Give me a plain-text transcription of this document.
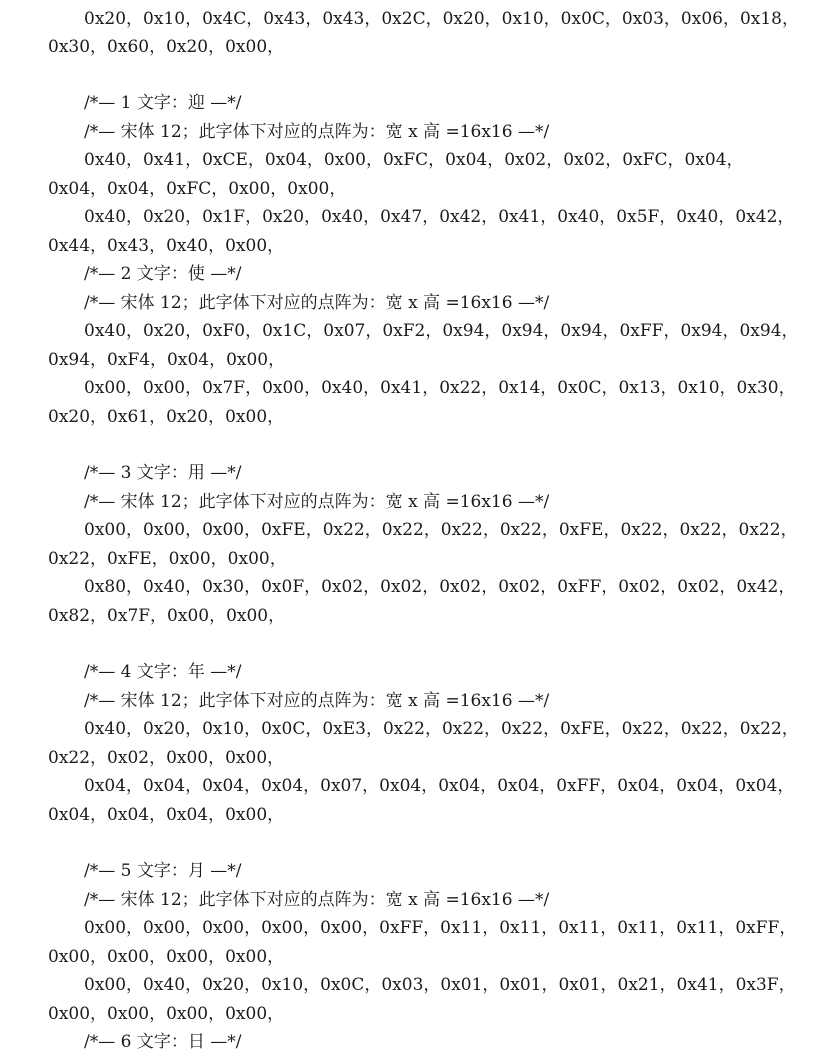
0x20，0x10，0x4C，0x43，0x43，0x2C，0x20，0x10，0x0C，0x03，0x06，0x18，
0x30，0x60，0x20，0x00，
/*— 1 文字：迎 —*/
/*— 宋体 12；此字体下对应的点阵为：宽 x 高 =16x16 —*/
0x40，0x41，0xCE，0x04，0x00，0xFC，0x04，0x02，0x02，0xFC，0x04，
0x04，0x04，0xFC，0x00，0x00，
0x40，0x20，0x1F，0x20，0x40，0x47，0x42，0x41，0x40，0x5F，0x40，0x42，
0x44，0x43，0x40，0x00，
/*— 2 文字：使 —*/
/*— 宋体 12；此字体下对应的点阵为：宽 x 高 =16x16 —*/
0x40，0x20，0xF0，0x1C，0x07，0xF2，0x94，0x94，0x94，0xFF，0x94，0x94，
0x94，0xF4，0x04，0x00，
0x00，0x00，0x7F，0x00，0x40，0x41，0x22，0x14，0x0C，0x13，0x10，0x30，
0x20，0x61，0x20，0x00，
/*— 3 文字：用 —*/
/*— 宋体 12；此字体下对应的点阵为：宽 x 高 =16x16 —*/
0x00，0x00，0x00，0xFE，0x22，0x22，0x22，0x22，0xFE，0x22，0x22，0x22，
0x22，0xFE，0x00，0x00，
0x80，0x40，0x30，0x0F，0x02，0x02，0x02，0x02，0xFF，0x02，0x02，0x42，
0x82，0x7F，0x00，0x00，
/*— 4 文字：年 —*/
/*— 宋体 12；此字体下对应的点阵为：宽 x 高 =16x16 —*/
0x40，0x20，0x10，0x0C，0xE3，0x22，0x22，0x22，0xFE，0x22，0x22，0x22，
0x22，0x02，0x00，0x00，
0x04，0x04，0x04，0x04，0x07，0x04，0x04，0x04，0xFF，0x04，0x04，0x04，
0x04，0x04，0x04，0x00，
/*— 5 文字：月 —*/
/*— 宋体 12；此字体下对应的点阵为：宽 x 高 =16x16 —*/
0x00，0x00，0x00，0x00，0x00，0xFF，0x11，0x11，0x11，0x11，0x11，0xFF，
0x00，0x00，0x00，0x00，
0x00，0x40，0x20，0x10，0x0C，0x03，0x01，0x01，0x01，0x21，0x41，0x3F，
0x00，0x00，0x00，0x00，
/*— 6 文字：日 —*/
